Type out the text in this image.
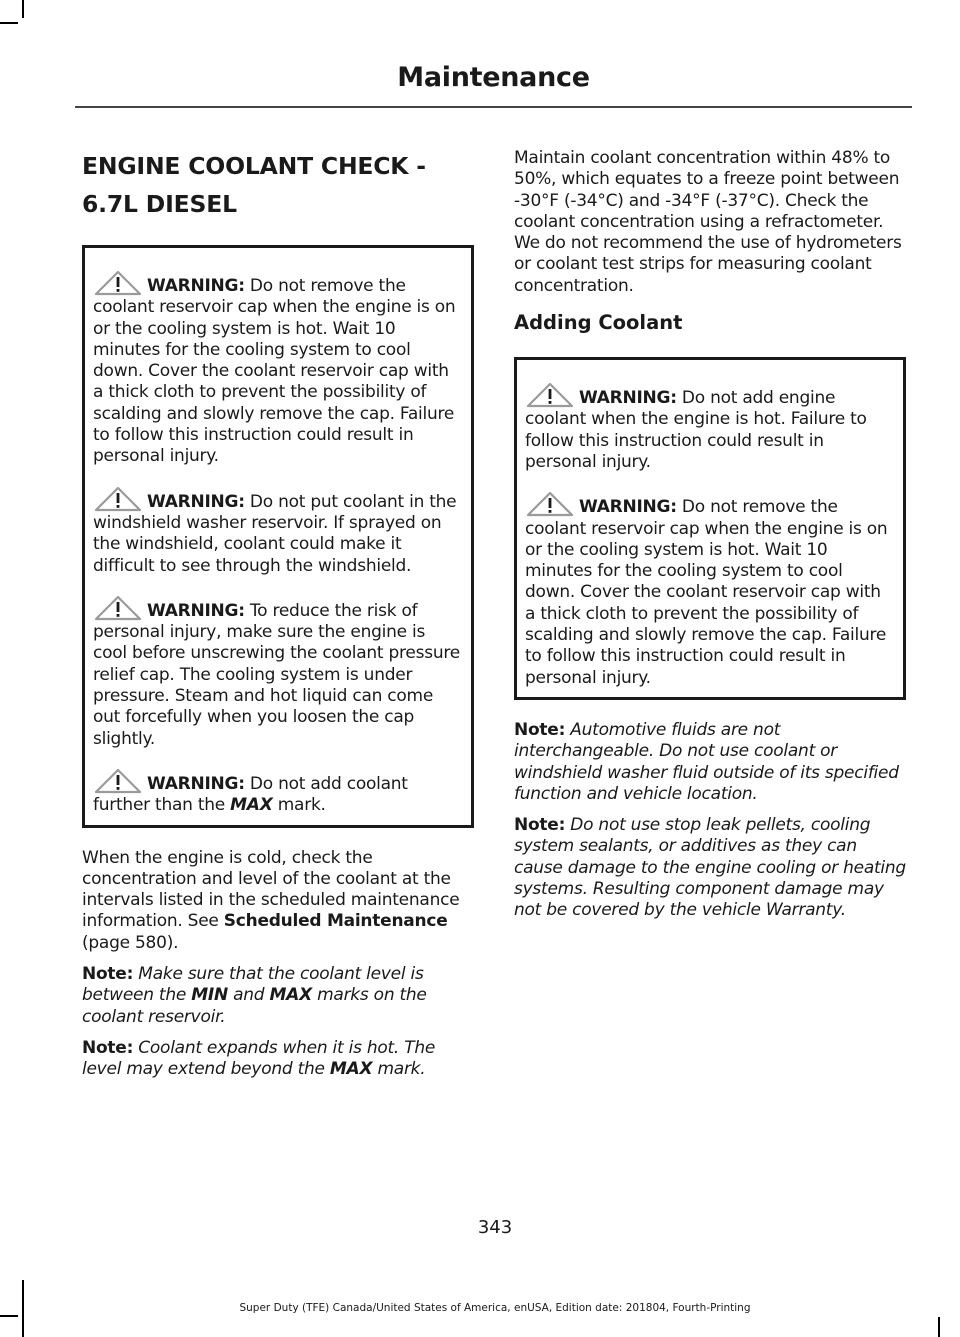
Maintenance
ENGINE COOLANT CHECK -
6.7L DIESEL

WARNING: Do not remove the coolant reservoir cap when the engine is on or the cooling system is hot. Wait 10 minutes for the cooling system to cool down. Cover the coolant reservoir cap with a thick cloth to prevent the possibility of scalding and slowly remove the cap. Failure to follow this instruction could result in personal injury.

WARNING: Do not put coolant in the windshield washer reservoir. If sprayed on the windshield, coolant could make it difficult to see through the windshield.

WARNING: To reduce the risk of personal injury, make sure the engine is cool before unscrewing the coolant pressure relief cap. The cooling system is under pressure. Steam and hot liquid can come out forcefully when you loosen the cap slightly.

WARNING: Do not add coolant further than the MAX mark.

When the engine is cold, check the concentration and level of the coolant at the intervals listed in the scheduled maintenance information. See Scheduled Maintenance (page 580).

Note: Make sure that the coolant level is between the MIN and MAX marks on the coolant reservoir.

Note: Coolant expands when it is hot. The level may extend beyond the MAX mark.

Maintain coolant concentration within 48% to 50%, which equates to a freeze point between -30°F (-34°C) and -34°F (-37°C). Check the coolant concentration using a refractometer. We do not recommend the use of hydrometers or coolant test strips for measuring coolant concentration.

Adding Coolant

WARNING: Do not add engine coolant when the engine is hot. Failure to follow this instruction could result in personal injury.

WARNING: Do not remove the coolant reservoir cap when the engine is on or the cooling system is hot. Wait 10 minutes for the cooling system to cool down. Cover the coolant reservoir cap with a thick cloth to prevent the possibility of scalding and slowly remove the cap. Failure to follow this instruction could result in personal injury.

Note: Automotive fluids are not interchangeable. Do not use coolant or windshield washer fluid outside of its specified function and vehicle location.

Note: Do not use stop leak pellets, cooling system sealants, or additives as they can cause damage to the engine cooling or heating systems. Resulting component damage may not be covered by the vehicle Warranty.

343
Super Duty (TFE) Canada/United States of America, enUSA, Edition date: 201804, Fourth-Printing
